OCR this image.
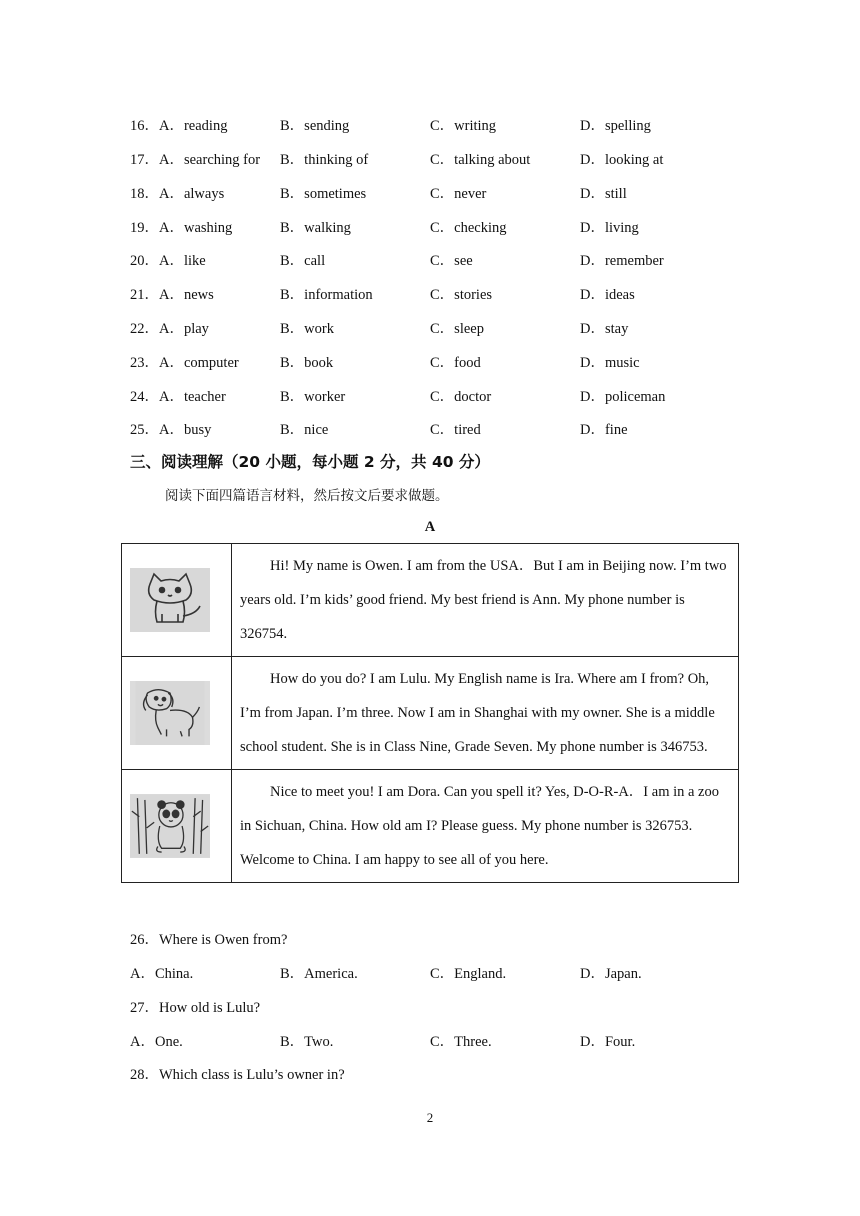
16．A．reading	B．sending	C．writing	D．spelling
17．A．searching for B．thinking of	C．talking about	D．looking at
18．A．always	B．sometimes	C．never	D．still
19．A．washing	B．walking	C．checking	D．living
20．A．like	B．call	C．see	D．remember
21．A．news	B．information	C．stories	D．ideas
22．A．play	B．work	C．sleep	D．stay
23．A．computer	B．book	C．food	D．music
24．A．teacher	B．worker	C．doctor	D．policeman
25．A．busy	B．nice	C．tired	D．fine
三、阅读理解（20 小题，每小题 2 分，共 40 分）
阅读下面四篇语言材料，然后按文后要求做题。
A
	Hi! My name is Owen. I am from the USA．But I am in Beijing now. I’m two years old. I’m kids’ good friend. My best friend is Ann. My phone number is 326754.

	How do you do? I am Lulu. My English name is Ira. Where am I from? Oh, I’m from Japan. I’m three. Now I am in Shanghai with my owner. She is a middle school student. She is in Class Nine, Grade Seven. My phone number is 346753.

	Nice to meet you! I am Dora. Can you spell it? Yes, D-O-R-A．I am in a zoo in Sichuan, China. How old am I? Please guess. My phone number is 326753. Welcome to China. I am happy to see all of you here.
26．Where is Owen from?
A．China.	B．America.	C．England.	D．Japan.
27．How old is Lulu?
A．One.	B．Two.	C．Three.	D．Four.
28．Which class is Lulu’s owner in?
2
